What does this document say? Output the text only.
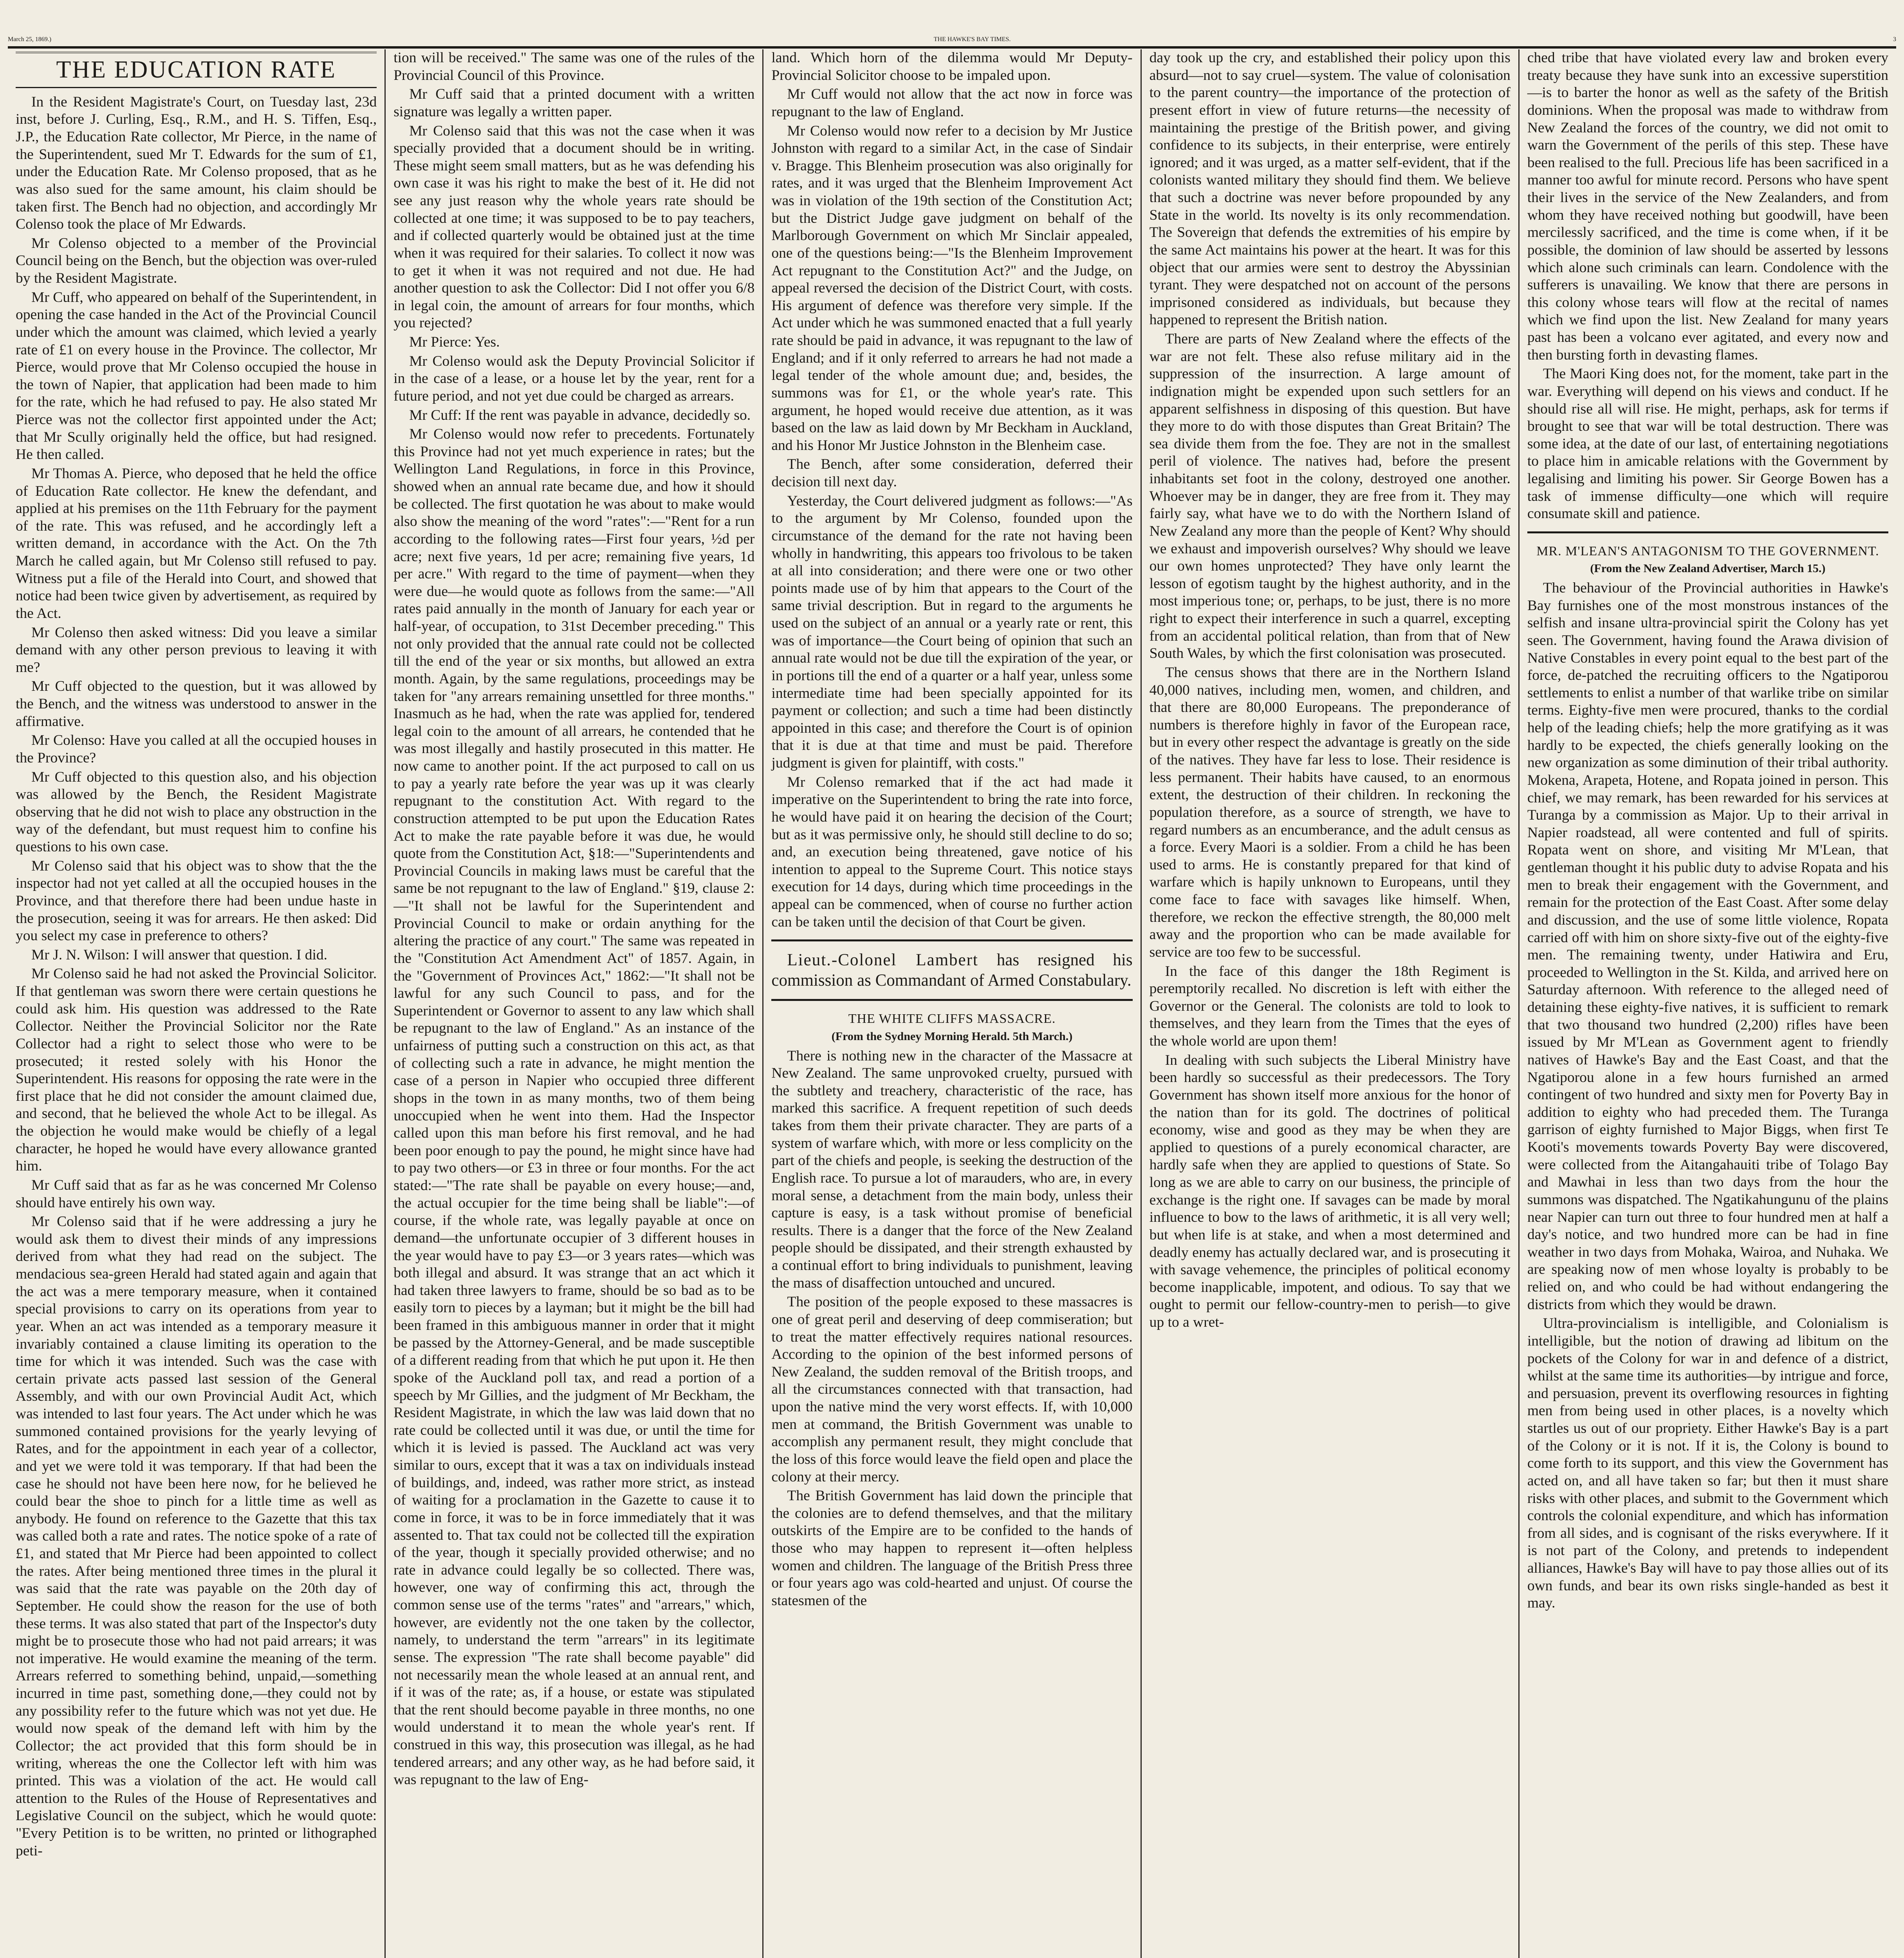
March 25, 1869.)	THE HAWKE'S BAY TIMES.	3
THE EDUCATION RATE

In the Resident Magistrate's Court, on Tuesday last, 23d inst, before J. Curling, Esq., R.M., and H. S. Tiffen, Esq., J.P., the Education Rate collector, Mr Pierce, in the name of the Superintendent, sued Mr T. Edwards for the sum of £1, under the Education Rate. Mr Colenso proposed, that as he was also sued for the same amount, his claim should be taken first. The Bench had no objection, and accordingly Mr Colenso took the place of Mr Edwards.

Mr Colenso objected to a member of the Provincial Council being on the Bench, but the objection was over-ruled by the Resident Magistrate.

Mr Cuff, who appeared on behalf of the Superintendent, in opening the case handed in the Act of the Provincial Council under which the amount was claimed, which levied a yearly rate of £1 on every house in the Province. The collector, Mr Pierce, would prove that Mr Colenso occupied the house in the town of Napier, that application had been made to him for the rate, which he had refused to pay. He also stated Mr Pierce was not the collector first appointed under the Act; that Mr Scully originally held the office, but had resigned. He then called.

Mr Thomas A. Pierce, who deposed that he held the office of Education Rate collector. He knew the defendant, and applied at his premises on the 11th February for the payment of the rate. This was refused, and he accordingly left a written demand, in accordance with the Act. On the 7th March he called again, but Mr Colenso still refused to pay. Witness put a file of the Herald into Court, and showed that notice had been twice given by advertisement, as required by the Act.

Mr Colenso then asked witness: Did you leave a similar demand with any other person previous to leaving it with me?

Mr Cuff objected to the question, but it was allowed by the Bench, and the witness was understood to answer in the affirmative.

Mr Colenso: Have you called at all the occupied houses in the Province?

Mr Cuff objected to this question also, and his objection was allowed by the Bench, the Resident Magistrate observing that he did not wish to place any obstruction in the way of the defendant, but must request him to confine his questions to his own case.

Mr Colenso said that his object was to show that the the inspector had not yet called at all the occupied houses in the Province, and that therefore there had been undue haste in the prosecution, seeing it was for arrears. He then asked: Did you select my case in preference to others?

Mr J. N. Wilson: I will answer that question. I did.

Mr Colenso said he had not asked the Provincial Solicitor. If that gentleman was sworn there were certain questions he could ask him. His question was addressed to the Rate Collector. Neither the Provincial Solicitor nor the Rate Collector had a right to select those who were to be prosecuted; it rested solely with his Honor the Superintendent. His reasons for opposing the rate were in the first place that he did not consider the amount claimed due, and second, that he believed the whole Act to be illegal. As the objection he would make would be chiefly of a legal character, he hoped he would have every allowance granted him.

Mr Cuff said that as far as he was concerned Mr Colenso should have entirely his own way.

Mr Colenso said that if he were addressing a jury he would ask them to divest their minds of any impressions derived from what they had read on the subject. The mendacious sea-green Herald had stated again and again that the act was a mere temporary measure, when it contained special provisions to carry on its operations from year to year. When an act was intended as a temporary measure it invariably contained a clause limiting its operation to the time for which it was intended. Such was the case with certain private acts passed last session of the General Assembly, and with our own Provincial Audit Act, which was intended to last four years. The Act under which he was summoned contained provisions for the yearly levying of Rates, and for the appointment in each year of a collector, and yet we were told it was temporary. If that had been the case he should not have been here now, for he believed he could bear the shoe to pinch for a little time as well as anybody. He found on reference to the Gazette that this tax was called both a rate and rates. The notice spoke of a rate of £1, and stated that Mr Pierce had been appointed to collect the rates. After being mentioned three times in the plural it was said that the rate was payable on the 20th day of September. He could show the reason for the use of both these terms. It was also stated that part of the Inspector's duty might be to prosecute those who had not paid arrears; it was not imperative. He would examine the meaning of the term. Arrears referred to something behind, unpaid,—something incurred in time past, something done,—they could not by any possibility refer to the future which was not yet due. He would now speak of the demand left with him by the Collector; the act provided that this form should be in writing, whereas the one the Collector left with him was printed. This was a violation of the act. He would call attention to the Rules of the House of Representatives and Legislative Council on the subject, which he would quote: "Every Petition is to be written, no printed or lithographed peti-

tion will be received." The same was one of the rules of the Provincial Council of this Province.

Mr Cuff said that a printed document with a written signature was legally a written paper.

Mr Colenso said that this was not the case when it was specially provided that a document should be in writing. These might seem small matters, but as he was defending his own case it was his right to make the best of it. He did not see any just reason why the whole years rate should be collected at one time; it was supposed to be to pay teachers, and if collected quarterly would be obtained just at the time when it was required for their salaries. To collect it now was to get it when it was not required and not due. He had another question to ask the Collector: Did I not offer you 6/8 in legal coin, the amount of arrears for four months, which you rejected?

Mr Pierce: Yes.

Mr Colenso would ask the Deputy Provincial Solicitor if in the case of a lease, or a house let by the year, rent for a future period, and not yet due could be charged as arrears.

Mr Cuff: If the rent was payable in advance, decidedly so.

Mr Colenso would now refer to precedents. Fortunately this Province had not yet much experience in rates; but the Wellington Land Regulations, in force in this Province, showed when an annual rate became due, and how it should be collected. The first quotation he was about to make would also show the meaning of the word "rates":—"Rent for a run according to the following rates—First four years, ½d per acre; next five years, 1d per acre; remaining five years, 1d per acre." With regard to the time of payment—when they were due—he would quote as follows from the same:—"All rates paid annually in the month of January for each year or half-year, of occupation, to 31st December preceding." This not only provided that the annual rate could not be collected till the end of the year or six months, but allowed an extra month. Again, by the same regulations, proceedings may be taken for "any arrears remaining unsettled for three months." Inasmuch as he had, when the rate was applied for, tendered legal coin to the amount of all arrears, he contended that he was most illegally and hastily prosecuted in this matter. He now came to another point. If the act purposed to call on us to pay a yearly rate before the year was up it was clearly repugnant to the constitution Act. With regard to the construction attempted to be put upon the Education Rates Act to make the rate payable before it was due, he would quote from the Constitution Act, §18:—"Superintendents and Provincial Councils in making laws must be careful that the same be not repugnant to the law of England." §19, clause 2:—"It shall not be lawful for the Superintendent and Provincial Council to make or ordain anything for the altering the practice of any court." The same was repeated in the "Constitution Act Amendment Act" of 1857. Again, in the "Government of Provinces Act," 1862:—"It shall not be lawful for any such Council to pass, and for the Superintendent or Governor to assent to any law which shall be repugnant to the law of England." As an instance of the unfairness of putting such a construction on this act, as that of collecting such a rate in advance, he might mention the case of a person in Napier who occupied three different shops in the town in as many months, two of them being unoccupied when he went into them. Had the Inspector called upon this man before his first removal, and he had been poor enough to pay the pound, he might since have had to pay two others—or £3 in three or four months. For the act stated:—"The rate shall be payable on every house;—and, the actual occupier for the time being shall be liable":—of course, if the whole rate, was legally payable at once on demand—the unfortunate occupier of 3 different houses in the year would have to pay £3—or 3 years rates—which was both illegal and absurd. It was strange that an act which it had taken three lawyers to frame, should be so bad as to be easily torn to pieces by a layman; but it might be the bill had been framed in this ambiguous manner in order that it might be passed by the Attorney-General, and be made susceptible of a different reading from that which he put upon it. He then spoke of the Auckland poll tax, and read a portion of a speech by Mr Gillies, and the judgment of Mr Beckham, the Resident Magistrate, in which the law was laid down that no rate could be collected until it was due, or until the time for which it is levied is passed. The Auckland act was very similar to ours, except that it was a tax on individuals instead of buildings, and, indeed, was rather more strict, as instead of waiting for a proclamation in the Gazette to cause it to come in force, it was to be in force immediately that it was assented to. That tax could not be collected till the expiration of the year, though it specially provided otherwise; and no rate in advance could legally be so collected. There was, however, one way of confirming this act, through the common sense use of the terms "rates" and "arrears," which, however, are evidently not the one taken by the collector, namely, to understand the term "arrears" in its legitimate sense. The expression "The rate shall become payable" did not necessarily mean the whole leased at an annual rent, and if it was of the rate; as, if a house, or estate was stipulated that the rent should become payable in three months, no one would understand it to mean the whole year's rent. If construed in this way, this prosecution was illegal, as he had tendered arrears; and any other way, as he had before said, it was repugnant to the law of Eng-

land. Which horn of the dilemma would Mr Deputy-Provincial Solicitor choose to be impaled upon.

Mr Cuff would not allow that the act now in force was repugnant to the law of England.

Mr Colenso would now refer to a decision by Mr Justice Johnston with regard to a similar Act, in the case of Sindair v. Bragge. This Blenheim prosecution was also originally for rates, and it was urged that the Blenheim Improvement Act was in violation of the 19th section of the Constitution Act; but the District Judge gave judgment on behalf of the Marlborough Government on which Mr Sinclair appealed, one of the questions being:—"Is the Blenheim Improvement Act repugnant to the Constitution Act?" and the Judge, on appeal reversed the decision of the District Court, with costs. His argument of defence was therefore very simple. If the Act under which he was summoned enacted that a full yearly rate should be paid in advance, it was repugnant to the law of England; and if it only referred to arrears he had not made a legal tender of the whole amount due; and, besides, the summons was for £1, or the whole year's rate. This argument, he hoped would receive due attention, as it was based on the law as laid down by Mr Beckham in Auckland, and his Honor Mr Justice Johnston in the Blenheim case.

The Bench, after some consideration, deferred their decision till next day.

Yesterday, the Court delivered judgment as follows:—"As to the argument by Mr Colenso, founded upon the circumstance of the demand for the rate not having been wholly in handwriting, this appears too frivolous to be taken at all into consideration; and there were one or two other points made use of by him that appears to the Court of the same trivial description. But in regard to the arguments he used on the subject of an annual or a yearly rate or rent, this was of importance—the Court being of opinion that such an annual rate would not be due till the expiration of the year, or in portions till the end of a quarter or a half year, unless some intermediate time had been specially appointed for its payment or collection; and such a time had been distinctly appointed in this case; and therefore the Court is of opinion that it is due at that time and must be paid. Therefore judgment is given for plaintiff, with costs."

Mr Colenso remarked that if the act had made it imperative on the Superintendent to bring the rate into force, he would have paid it on hearing the decision of the Court; but as it was permissive only, he should still decline to do so; and, an execution being threatened, gave notice of his intention to appeal to the Supreme Court. This notice stays execution for 14 days, during which time proceedings in the appeal can be commenced, when of course no further action can be taken until the decision of that Court be given.

Lieut.-Colonel Lambert has resigned his commission as Commandant of Armed Constabulary.

THE WHITE CLIFFS MASSACRE.
(From the Sydney Morning Herald. 5th March.)

There is nothing new in the character of the Massacre at New Zealand. The same unprovoked cruelty, pursued with the subtlety and treachery, characteristic of the race, has marked this sacrifice. A frequent repetition of such deeds takes from them their private character. They are parts of a system of warfare which, with more or less complicity on the part of the chiefs and people, is seeking the destruction of the English race. To pursue a lot of marauders, who are, in every moral sense, a detachment from the main body, unless their capture is easy, is a task without promise of beneficial results. There is a danger that the force of the New Zealand people should be dissipated, and their strength exhausted by a continual effort to bring individuals to punishment, leaving the mass of disaffection untouched and uncured.

The position of the people exposed to these massacres is one of great peril and deserving of deep commiseration; but to treat the matter effectively requires national resources. According to the opinion of the best informed persons of New Zealand, the sudden removal of the British troops, and all the circumstances connected with that transaction, had upon the native mind the very worst effects. If, with 10,000 men at command, the British Government was unable to accomplish any permanent result, they might conclude that the loss of this force would leave the field open and place the colony at their mercy.

The British Government has laid down the principle that the colonies are to defend themselves, and that the military outskirts of the Empire are to be confided to the hands of those who may happen to represent it—often helpless women and children. The language of the British Press three or four years ago was cold-hearted and unjust. Of course the statesmen of the

day took up the cry, and established their policy upon this absurd—not to say cruel—system. The value of colonisation to the parent country—the importance of the protection of present effort in view of future returns—the necessity of maintaining the prestige of the British power, and giving confidence to its subjects, in their enterprise, were entirely ignored; and it was urged, as a matter self-evident, that if the colonists wanted military they should find them. We believe that such a doctrine was never before propounded by any State in the world. Its novelty is its only recommendation. The Sovereign that defends the extremities of his empire by the same Act maintains his power at the heart. It was for this object that our armies were sent to destroy the Abyssinian tyrant. They were despatched not on account of the persons imprisoned considered as individuals, but because they happened to represent the British nation.

There are parts of New Zealand where the effects of the war are not felt. These also refuse military aid in the suppression of the insurrection. A large amount of indignation might be expended upon such settlers for an apparent selfishness in disposing of this question. But have they more to do with those disputes than Great Britain? The sea divide them from the foe. They are not in the smallest peril of violence. The natives had, before the present inhabitants set foot in the colony, destroyed one another. Whoever may be in danger, they are free from it. They may fairly say, what have we to do with the Northern Island of New Zealand any more than the people of Kent? Why should we exhaust and impoverish ourselves? Why should we leave our own homes unprotected? They have only learnt the lesson of egotism taught by the highest authority, and in the most imperious tone; or, perhaps, to be just, there is no more right to expect their interference in such a quarrel, excepting from an accidental political relation, than from that of New South Wales, by which the first colonisation was prosecuted.

The census shows that there are in the Northern Island 40,000 natives, including men, women, and children, and that there are 80,000 Europeans. The preponderance of numbers is therefore highly in favor of the European race, but in every other respect the advantage is greatly on the side of the natives. They have far less to lose. Their residence is less permanent. Their habits have caused, to an enormous extent, the destruction of their children. In reckoning the population therefore, as a source of strength, we have to regard numbers as an encumberance, and the adult census as a force. Every Maori is a soldier. From a child he has been used to arms. He is constantly prepared for that kind of warfare which is hapily unknown to Europeans, until they come face to face with savages like himself. When, therefore, we reckon the effective strength, the 80,000 melt away and the proportion who can be made available for service are too few to be successful.

In the face of this danger the 18th Regiment is peremptorily recalled. No discretion is left with either the Governor or the General. The colonists are told to look to themselves, and they learn from the Times that the eyes of the whole world are upon them!

In dealing with such subjects the Liberal Ministry have been hardly so successful as their predecessors. The Tory Government has shown itself more anxious for the honor of the nation than for its gold. The doctrines of political economy, wise and good as they may be when they are applied to questions of a purely economical character, are hardly safe when they are applied to questions of State. So long as we are able to carry on our business, the principle of exchange is the right one. If savages can be made by moral influence to bow to the laws of arithmetic, it is all very well; but when life is at stake, and when a most determined and deadly enemy has actually declared war, and is prosecuting it with savage vehemence, the principles of political economy become inapplicable, impotent, and odious. To say that we ought to permit our fellow-country-men to perish—to give up to a wret-

ched tribe that have violated every law and broken every treaty because they have sunk into an excessive superstition—is to barter the honor as well as the safety of the British dominions. When the proposal was made to withdraw from New Zealand the forces of the country, we did not omit to warn the Government of the perils of this step. These have been realised to the full. Precious life has been sacrificed in a manner too awful for minute record. Persons who have spent their lives in the service of the New Zealanders, and from whom they have received nothing but goodwill, have been mercilessly sacrificed, and the time is come when, if it be possible, the dominion of law should be asserted by lessons which alone such criminals can learn. Condolence with the sufferers is unavailing. We know that there are persons in this colony whose tears will flow at the recital of names which we find upon the list. New Zealand for many years past has been a volcano ever agitated, and every now and then bursting forth in devasting flames.

The Maori King does not, for the moment, take part in the war. Everything will depend on his views and conduct. If he should rise all will rise. He might, perhaps, ask for terms if brought to see that war will be total destruction. There was some idea, at the date of our last, of entertaining negotiations to place him in amicable relations with the Government by legalising and limiting his power. Sir George Bowen has a task of immense difficulty—one which will require consumate skill and patience.

MR. M'LEAN'S ANTAGONISM TO THE GOVERNMENT.
(From the New Zealand Advertiser, March 15.)

The behaviour of the Provincial authorities in Hawke's Bay furnishes one of the most monstrous instances of the selfish and insane ultra-provincial spirit the Colony has yet seen. The Government, having found the Arawa division of Native Constables in every point equal to the best part of the force, de-patched the recruiting officers to the Ngatiporou settlements to enlist a number of that warlike tribe on similar terms. Eighty-five men were procured, thanks to the cordial help of the leading chiefs; help the more gratifying as it was hardly to be expected, the chiefs generally looking on the new organization as some diminution of their tribal authority. Mokena, Arapeta, Hotene, and Ropata joined in person. This chief, we may remark, has been rewarded for his services at Turanga by a commission as Major. Up to their arrival in Napier roadstead, all were contented and full of spirits. Ropata went on shore, and visiting Mr M'Lean, that gentleman thought it his public duty to advise Ropata and his men to break their engagement with the Government, and remain for the protection of the East Coast. After some delay and discussion, and the use of some little violence, Ropata carried off with him on shore sixty-five out of the eighty-five men. The remaining twenty, under Hatiwira and Eru, proceeded to Wellington in the St. Kilda, and arrived here on Saturday afternoon. With reference to the alleged need of detaining these eighty-five natives, it is sufficient to remark that two thousand two hundred (2,200) rifles have been issued by Mr M'Lean as Government agent to friendly natives of Hawke's Bay and the East Coast, and that the Ngatiporou alone in a few hours furnished an armed contingent of two hundred and sixty men for Poverty Bay in addition to eighty who had preceded them. The Turanga garrison of eighty furnished to Major Biggs, when first Te Kooti's movements towards Poverty Bay were discovered, were collected from the Aitangahauiti tribe of Tolago Bay and Mawhai in less than two days from the hour the summons was dispatched. The Ngatikahungunu of the plains near Napier can turn out three to four hundred men at half a day's notice, and two hundred more can be had in fine weather in two days from Mohaka, Wairoa, and Nuhaka. We are speaking now of men whose loyalty is probably to be relied on, and who could be had without endangering the districts from which they would be drawn.

Ultra-provincialism is intelligible, and Colonialism is intelligible, but the notion of drawing ad libitum on the pockets of the Colony for war in and defence of a district, whilst at the same time its authorities—by intrigue and force, and persuasion, prevent its overflowing resources in fighting men from being used in other places, is a novelty which startles us out of our propriety. Either Hawke's Bay is a part of the Colony or it is not. If it is, the Colony is bound to come forth to its support, and this view the Government has acted on, and all have taken so far; but then it must share risks with other places, and submit to the Government which controls the colonial expenditure, and which has information from all sides, and is cognisant of the risks everywhere. If it is not part of the Colony, and pretends to independent alliances, Hawke's Bay will have to pay those allies out of its own funds, and bear its own risks single-handed as best it may.
